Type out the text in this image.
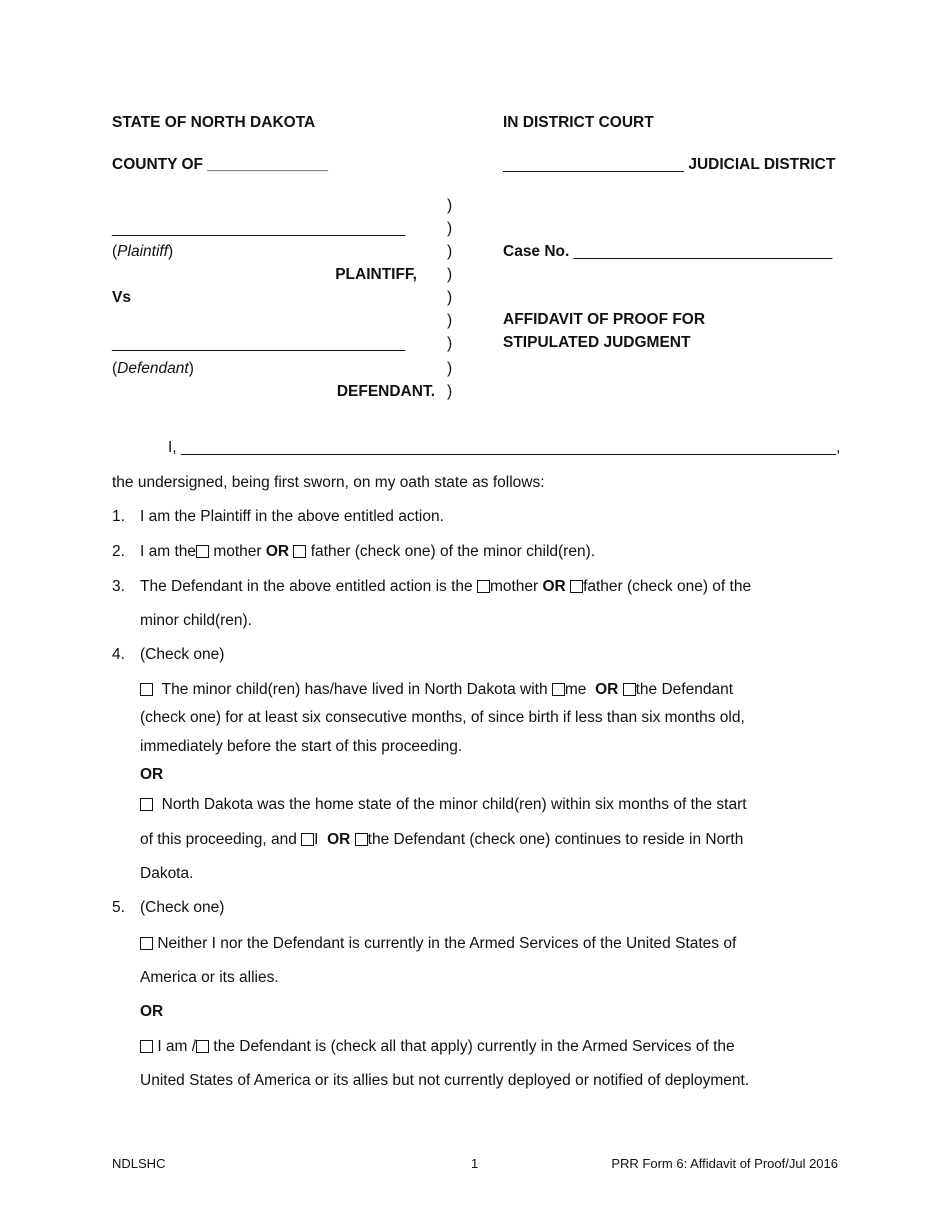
STATE OF NORTH DAKOTA	IN DISTRICT COURT
COUNTY OF ______________	_____________________ JUDICIAL DISTRICT
)
)
)
)
)
)
)
)
)
__________________________________
(Plaintiff)
PLAINTIFF,
Vs
__________________________________
(Defendant)
DEFENDANT.
Case No. ______________________________
AFFIDAVIT OF PROOF FOR
STIPULATED JUDGMENT
I, ____________________________________________________________________________,
the undersigned, being first sworn, on my oath state as follows:
1. I am the Plaintiff in the above entitled action.
2. I am the mother OR father (check one) of the minor child(ren).
3. The Defendant in the above entitled action is the mother OR father (check one) of the
minor child(ren).
4. (Check one)
The minor child(ren) has/have lived in North Dakota with me OR the Defendant
(check one) for at least six consecutive months, of since birth if less than six months old,
immediately before the start of this proceeding.
OR
North Dakota was the home state of the minor child(ren) within six months of the start
of this proceeding, and I OR the Defendant (check one) continues to reside in North
Dakota.
5. (Check one)
Neither I nor the Defendant is currently in the Armed Services of the United States of
America or its allies.
OR
I am / the Defendant is (check all that apply) currently in the Armed Services of the
United States of America or its allies but not currently deployed or notified of deployment.
NDLSHC	1	PRR Form 6: Affidavit of Proof/Jul 2016
